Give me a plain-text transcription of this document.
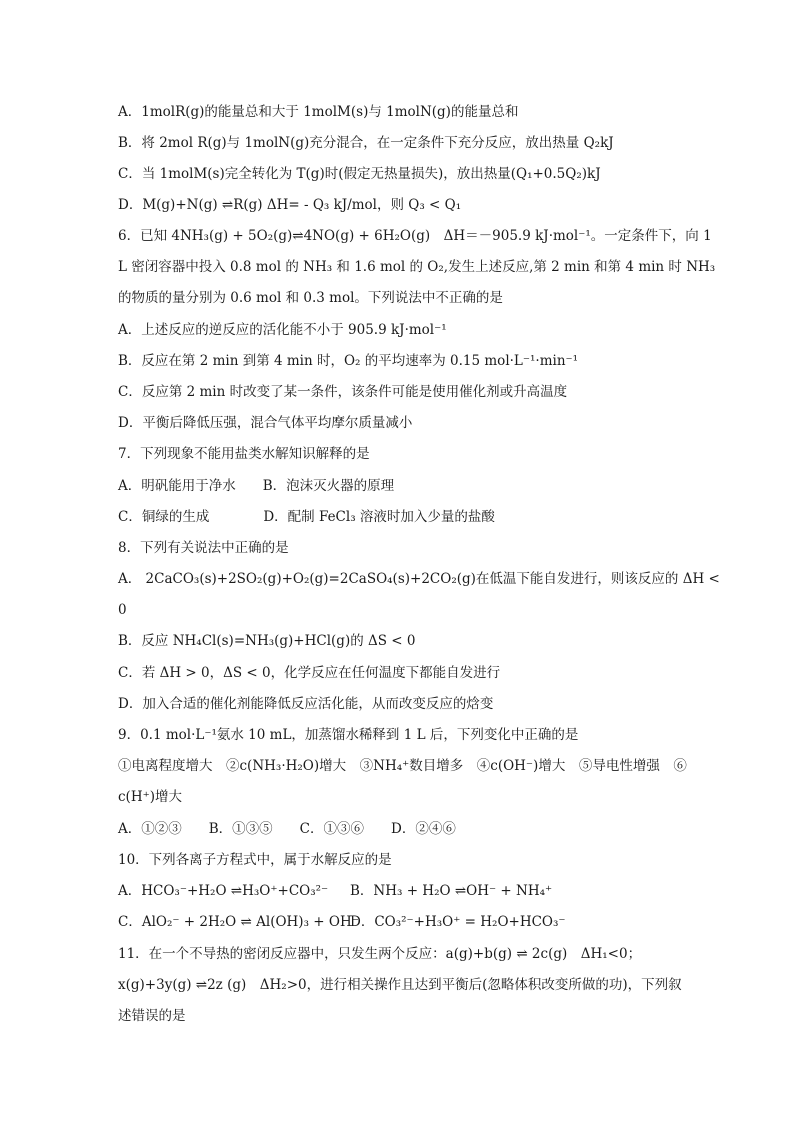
A．1molR(g)的能量总和大于 1molM(s)与 1molN(g)的能量总和
B．将 2mol R(g)与 1molN(g)充分混合，在一定条件下充分反应，放出热量 Q₂kJ
C．当 1molM(s)完全转化为 T(g)时(假定无热量损失)，放出热量(Q₁+0.5Q₂)kJ
D．M(g)+N(g) ⇌R(g) ΔH= - Q₃ kJ/mol，则 Q₃ < Q₁
6．已知 4NH₃(g) + 5O₂(g)⇌4NO(g) + 6H₂O(g)　ΔH＝－905.9 kJ·mol⁻¹。一定条件下，向 1
L 密闭容器中投入 0.8 mol 的 NH₃ 和 1.6 mol 的 O₂,发生上述反应,第 2 min 和第 4 min 时 NH₃
的物质的量分别为 0.6 mol 和 0.3 mol。下列说法中不正确的是
A．上述反应的逆反应的活化能不小于 905.9 kJ·mol⁻¹
B．反应在第 2 min 到第 4 min 时，O₂ 的平均速率为 0.15 mol·L⁻¹·min⁻¹
C．反应第 2 min 时改变了某一条件，该条件可能是使用催化剂或升高温度
D．平衡后降低压强，混合气体平均摩尔质量减小
7．下列现象不能用盐类水解知识解释的是
A．明矾能用于净水　　B．泡沫灭火器的原理
C．铜绿的生成　　　　D．配制 FeCl₃ 溶液时加入少量的盐酸
8．下列有关说法中正确的是
A． 2CaCO₃(s)+2SO₂(g)+O₂(g)=2CaSO₄(s)+2CO₂(g)在低温下能自发进行，则该反应的 ΔH <
0
B．反应 NH₄Cl(s)=NH₃(g)+HCl(g)的 ΔS < 0
C．若 ΔH > 0，ΔS < 0，化学反应在任何温度下都能自发进行
D．加入合适的催化剂能降低反应活化能，从而改变反应的焓变
9．0.1 mol·L⁻¹氨水 10 mL，加蒸馏水稀释到 1 L 后，下列变化中正确的是
①电离程度增大　②c(NH₃·H₂O)增大　③NH₄⁺数目增多　④c(OH⁻)增大　⑤导电性增强　⑥
c(H⁺)增大
A．①②③　　B．①③⑤　　C．①③⑥　　D．②④⑥
10．下列各离子方程式中，属于水解反应的是
A．HCO₃⁻+H₂O ⇌H₃O⁺+CO₃²⁻ B．NH₃ + H₂O ⇌OH⁻ + NH₄⁺
C．AlO₂⁻ + 2H₂O ⇌ Al(OH)₃ + OH⁻
D．CO₃²⁻+H₃O⁺ = H₂O+HCO₃⁻
11．在一个不导热的密闭反应器中，只发生两个反应：a(g)+b(g) ⇌ 2c(g)　ΔH₁<0；
x(g)+3y(g) ⇌2z (g)　ΔH₂>0，进行相关操作且达到平衡后(忽略体积改变所做的功)，下列叙
述错误的是
